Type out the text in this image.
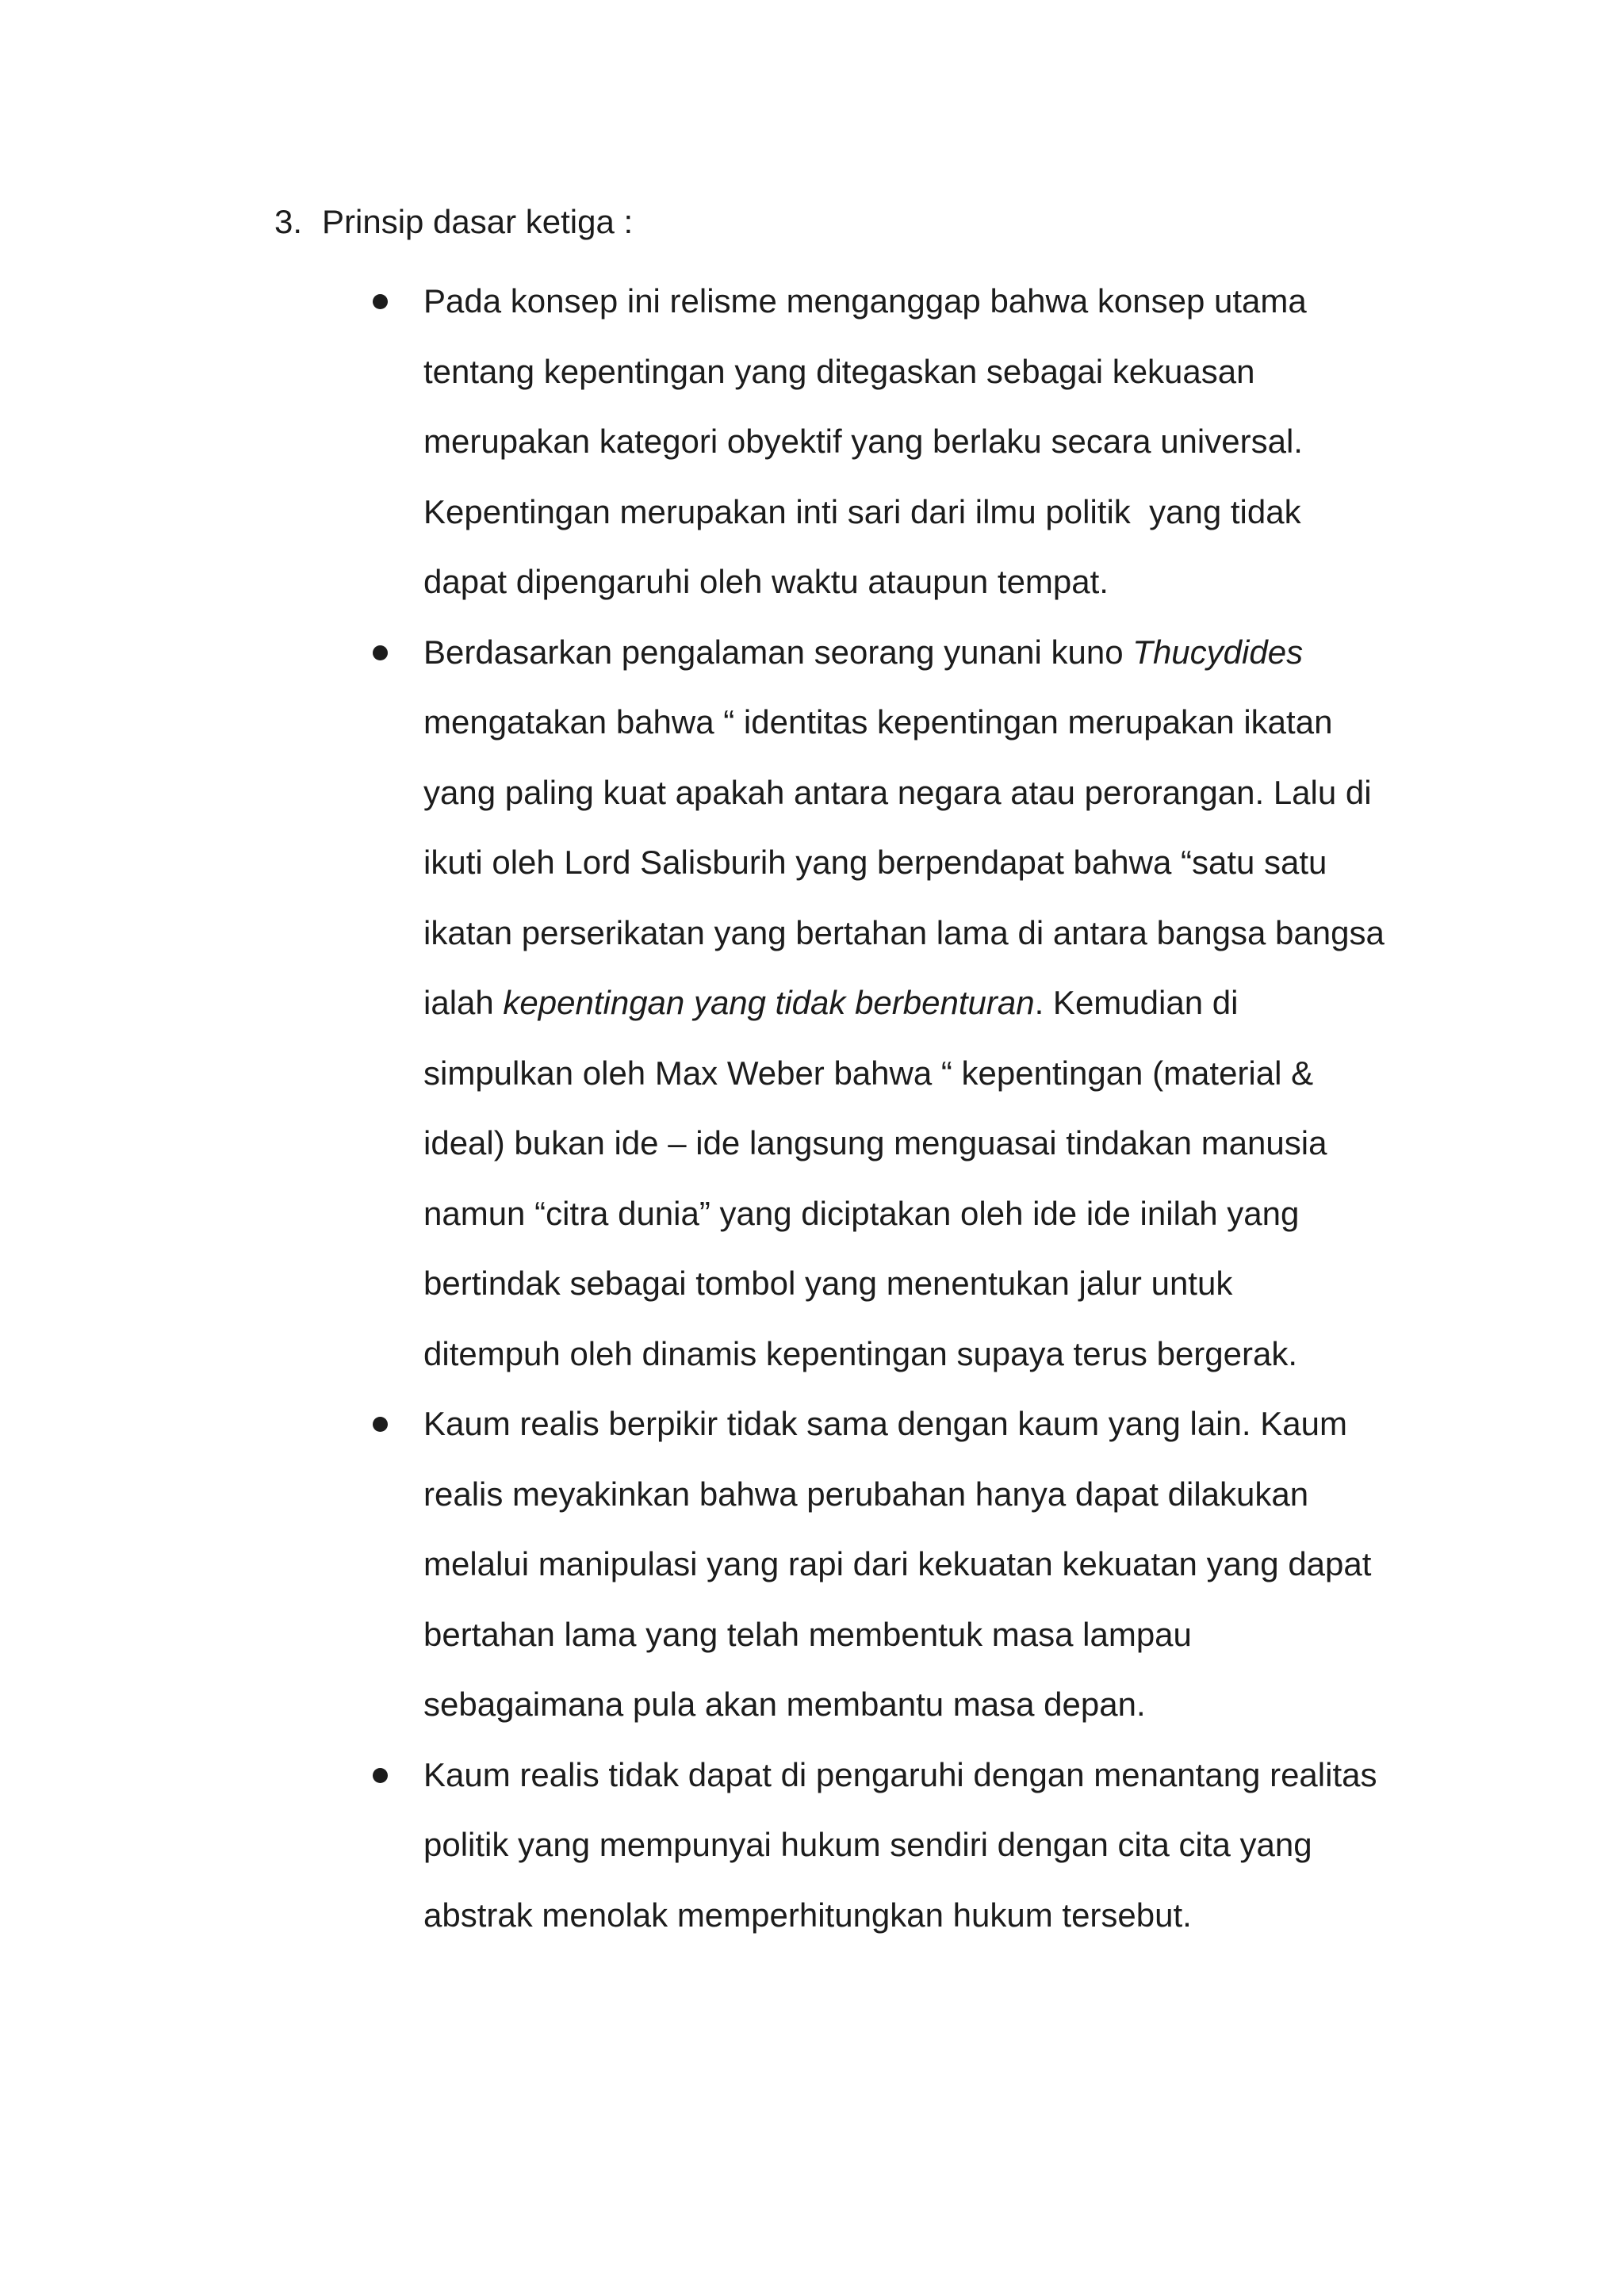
3. Prinsip dasar ketiga :
Pada konsep ini relisme menganggap bahwa konsep utama
tentang kepentingan yang ditegaskan sebagai kekuasan
merupakan kategori obyektif yang berlaku secara universal.
Kepentingan merupakan inti sari dari ilmu politik  yang tidak
dapat dipengaruhi oleh waktu ataupun tempat.
Berdasarkan pengalaman seorang yunani kuno Thucydides
mengatakan bahwa “ identitas kepentingan merupakan ikatan
yang paling kuat apakah antara negara atau perorangan. Lalu di
ikuti oleh Lord Salisburih yang berpendapat bahwa “satu satu
ikatan perserikatan yang bertahan lama di antara bangsa bangsa
ialah kepentingan yang tidak berbenturan. Kemudian di
simpulkan oleh Max Weber bahwa “ kepentingan (material &
ideal) bukan ide – ide langsung menguasai tindakan manusia
namun “citra dunia” yang diciptakan oleh ide ide inilah yang
bertindak sebagai tombol yang menentukan jalur untuk
ditempuh oleh dinamis kepentingan supaya terus bergerak.
Kaum realis berpikir tidak sama dengan kaum yang lain. Kaum
realis meyakinkan bahwa perubahan hanya dapat dilakukan
melalui manipulasi yang rapi dari kekuatan kekuatan yang dapat
bertahan lama yang telah membentuk masa lampau
sebagaimana pula akan membantu masa depan.
Kaum realis tidak dapat di pengaruhi dengan menantang realitas
politik yang mempunyai hukum sendiri dengan cita cita yang
abstrak menolak memperhitungkan hukum tersebut.
